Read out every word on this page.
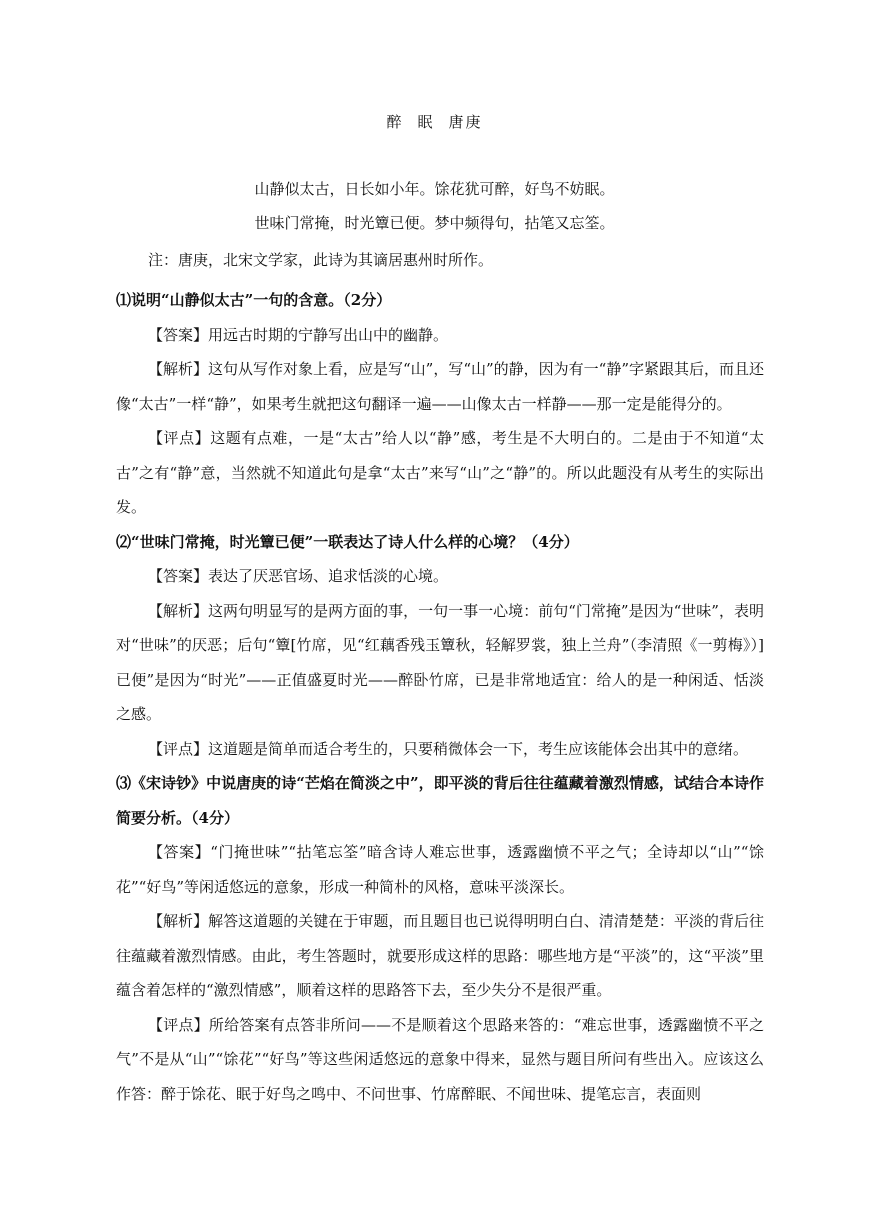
醉 眠 唐庚
山静似太古，日长如小年。馀花犹可醉，好鸟不妨眠。
世味门常掩，时光簟已便。梦中频得句，拈笔又忘筌。
注：唐庚，北宋文学家，此诗为其谪居惠州时所作。

⑴说明“山静似太古”一句的含意。（2分）

【答案】用远古时期的宁静写出山中的幽静。

【解析】这句从写作对象上看，应是写“山”，写“山”的静，因为有一“静”字紧跟其后，而且还像“太古”一样“静”，如果考生就把这句翻译一遍——山像太古一样静——那一定是能得分的。

【评点】这题有点难，一是“太古”给人以“静”感，考生是不大明白的。二是由于不知道“太古”之有“静”意，当然就不知道此句是拿“太古”来写“山”之“静”的。所以此题没有从考生的实际出发。

⑵“世味门常掩，时光簟已便”一联表达了诗人什么样的心境？（4分）

【答案】表达了厌恶官场、追求恬淡的心境。

【解析】这两句明显写的是两方面的事，一句一事一心境：前句“门常掩”是因为“世味”，表明对“世味”的厌恶；后句“簟[竹席，见“红藕香残玉簟秋，轻解罗裳，独上兰舟”（李清照《一剪梅》）]已便”是因为“时光”——正值盛夏时光——醉卧竹席，已是非常地适宜：给人的是一种闲适、恬淡之感。

【评点】这道题是简单而适合考生的，只要稍微体会一下，考生应该能体会出其中的意绪。

⑶《宋诗钞》中说唐庚的诗“芒焰在简淡之中”，即平淡的背后往往蕴藏着激烈情感，试结合本诗作简要分析。（4分）

【答案】“门掩世味”“拈笔忘筌”暗含诗人难忘世事，透露幽愤不平之气；全诗却以“山”“馀花”“好鸟”等闲适悠远的意象，形成一种简朴的风格，意味平淡深长。

【解析】解答这道题的关键在于审题，而且题目也已说得明明白白、清清楚楚：平淡的背后往往蕴藏着激烈情感。由此，考生答题时，就要形成这样的思路：哪些地方是“平淡”的，这“平淡”里蕴含着怎样的“激烈情感”，顺着这样的思路答下去，至少失分不是很严重。

【评点】所给答案有点答非所问——不是顺着这个思路来答的：“难忘世事，透露幽愤不平之气”不是从“山”“馀花”“好鸟”等这些闲适悠远的意象中得来，显然与题目所问有些出入。应该这么作答：醉于馀花、眠于好鸟之鸣中、不问世事、竹席醉眠、不闻世味、提笔忘言，表面则
